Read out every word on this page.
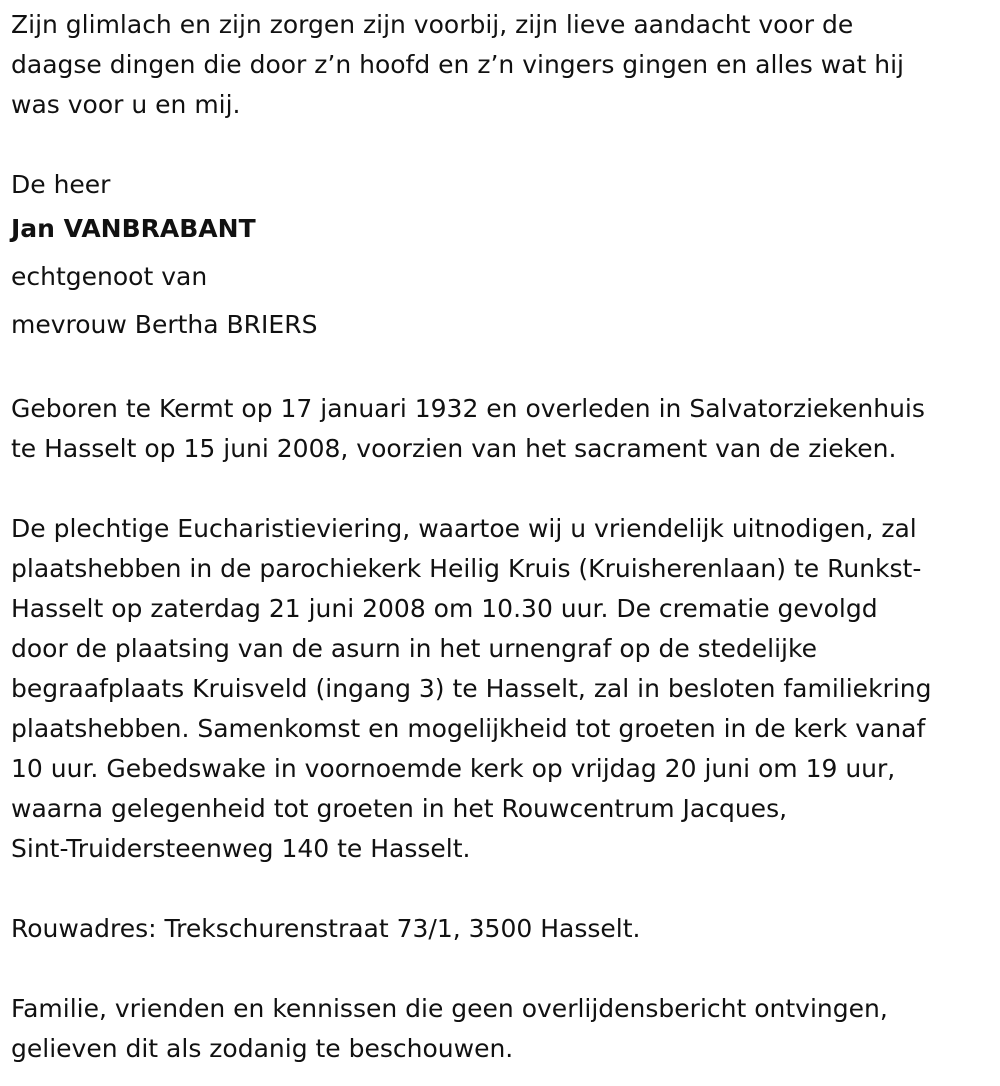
Zijn glimlach en zijn zorgen zijn voorbij, zijn lieve aandacht voor de
daagse dingen die door z’n hoofd en z’n vingers gingen en alles wat hij
was voor u en mij.

De heer

Jan VANBRABANT

echtgenoot van

mevrouw Bertha BRIERS

Geboren te Kermt op 17 januari 1932 en overleden in Salvatorziekenhuis
te Hasselt op 15 juni 2008, voorzien van het sacrament van de zieken.

De plechtige Eucharistieviering, waartoe wij u vriendelijk uitnodigen, zal
plaatshebben in de parochiekerk Heilig Kruis (Kruisherenlaan) te Runkst-
Hasselt op zaterdag 21 juni 2008 om 10.30 uur. De crematie gevolgd
door de plaatsing van de asurn in het urnengraf op de stedelijke
begraafplaats Kruisveld (ingang 3) te Hasselt, zal in besloten familiekring
plaatshebben. Samenkomst en mogelijkheid tot groeten in de kerk vanaf
10 uur. Gebedswake in voornoemde kerk op vrijdag 20 juni om 19 uur,
waarna gelegenheid tot groeten in het Rouwcentrum Jacques,
Sint-Truidersteenweg 140 te Hasselt.

Rouwadres: Trekschurenstraat 73/1, 3500 Hasselt.

Familie, vrienden en kennissen die geen overlijdensbericht ontvingen,
gelieven dit als zodanig te beschouwen.
